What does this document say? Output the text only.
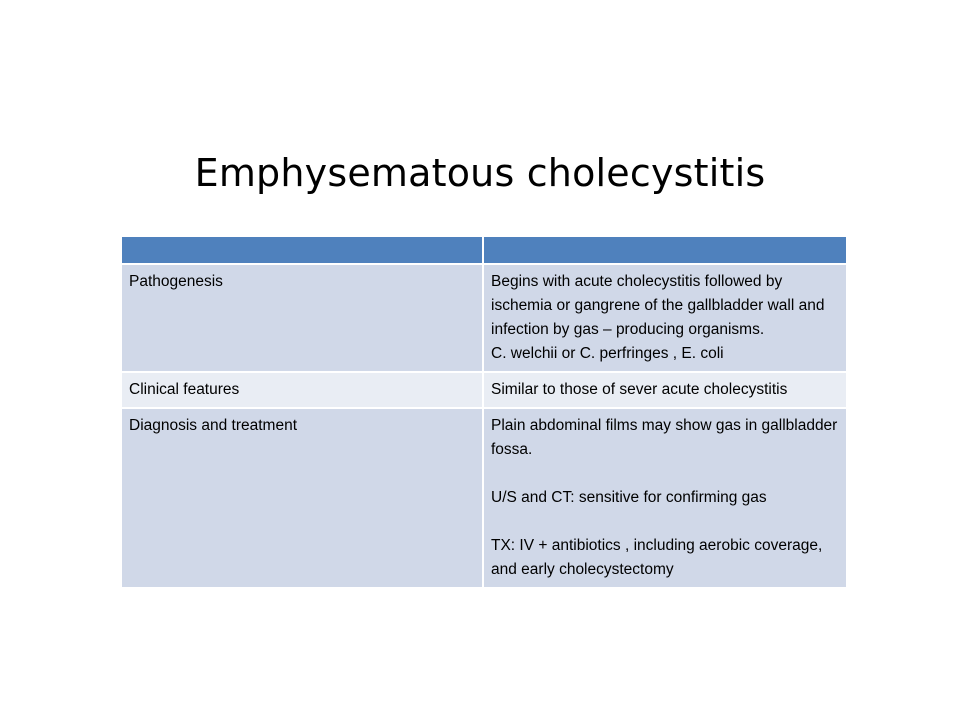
Emphysematous cholecystitis

Pathogenesis	Begins with acute cholecystitis followed by ischemia or gangrene of the gallbladder wall and infection by gas – producing organisms.
C. welchii or C. perfringes , E. coli

Clinical features	Similar to those of sever acute cholecystitis

Diagnosis and treatment	Plain abdominal films may show gas in gallbladder fossa.
U/S and CT: sensitive for confirming gas
TX: IV + antibiotics , including aerobic coverage, and early cholecystectomy
